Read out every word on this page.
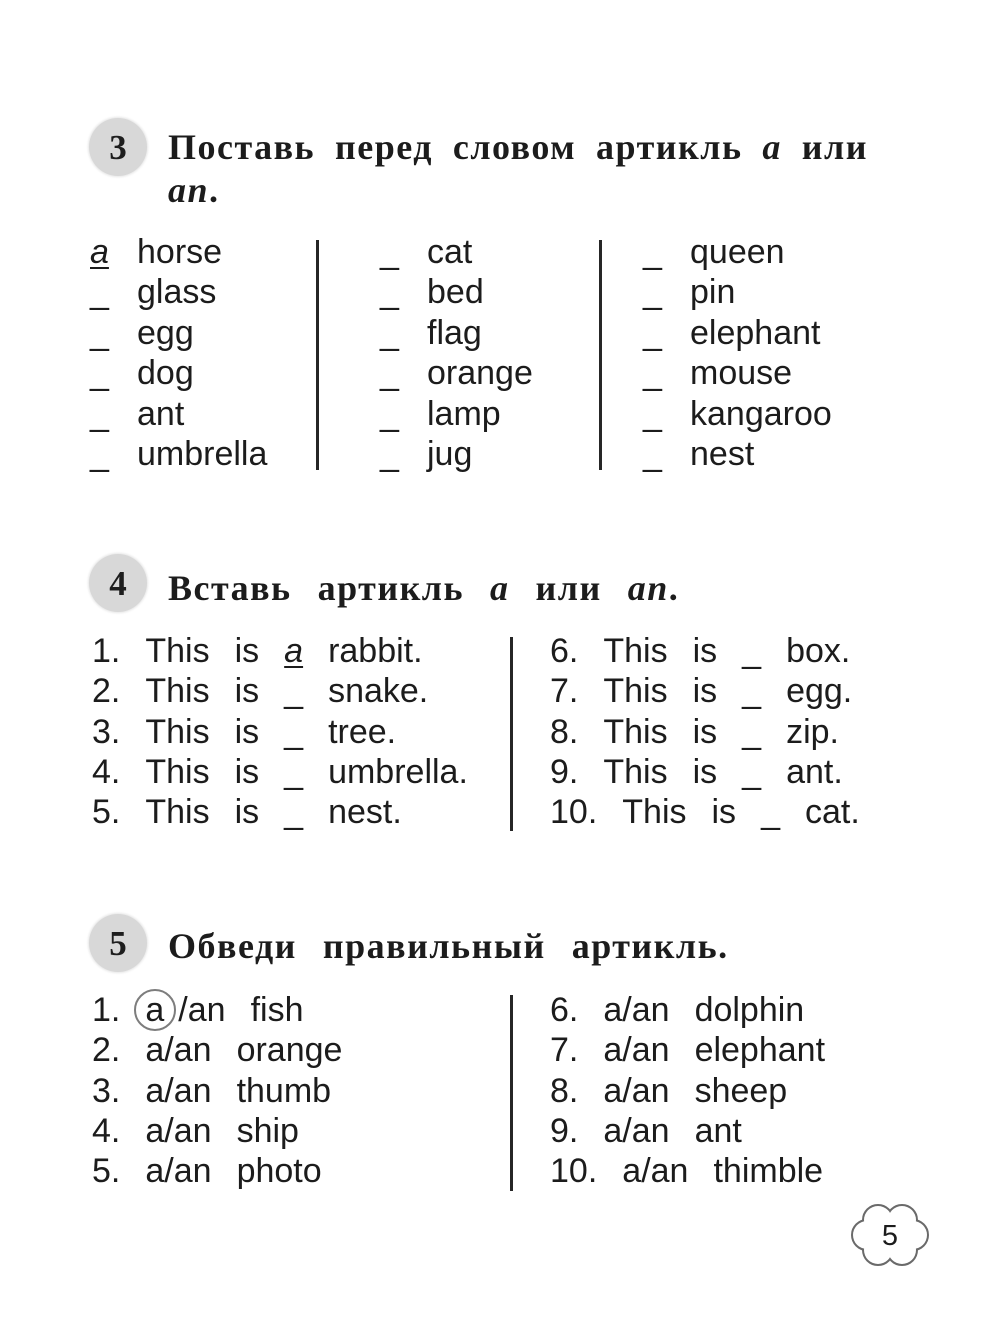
3	Поставь перед словом артикль a или
an .
a horse
_ glass
_ egg
_ dog
_ ant
_ umbrella
_ cat
_ bed
_ flag
_ orange
_ lamp
_ jug
_ queen
_ pin
_ elephant
_ mouse
_ kangaroo
_ nest
4	Вставь артикль a или an .
1. This is a rabbit.
2. This is _ snake.
3. This is _ tree.
4. This is _ umbrella.
5. This is _ nest.
6. This is _ box.
7. This is _ egg.
8. This is _ zip.
9. This is _ ant.
10. This is _ cat.
5	Обведи правильный артикль.
1. a / an fish
2. a / an orange
3. a / an thumb
4. a / an ship
5. a / an photo
6. a / an dolphin
7. a / an elephant
8. a / an sheep
9. a / an ant
10. a / an thimble
5
